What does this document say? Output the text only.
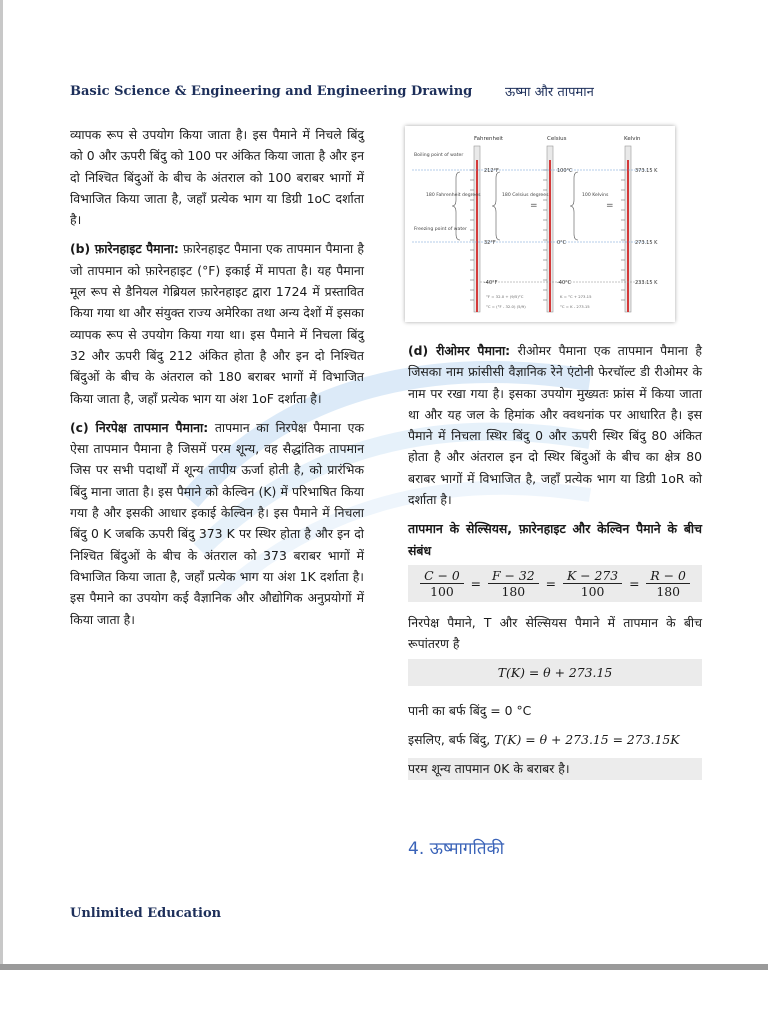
Basic Science & Engineering and Engineering Drawing	ऊष्मा और तापमान

व्यापक रूप से उपयोग किया जाता है। इस पैमाने में निचले बिंदु को 0 और ऊपरी बिंदु को 100 पर अंकित किया जाता है और इन दो निश्चित बिंदुओं के बीच के अंतराल को 100 बराबर भागों में विभाजित किया जाता है, जहाँ प्रत्येक भाग या डिग्री 1oC दर्शाता है।

(b) फ़ारेनहाइट पैमाना: फ़ारेनहाइट पैमाना एक तापमान पैमाना है जो तापमान को फ़ारेनहाइट (°F) इकाई में मापता है। यह पैमाना मूल रूप से डैनियल गेब्रियल फ़ारेनहाइट द्वारा 1724 में प्रस्तावित किया गया था और संयुक्त राज्य अमेरिका तथा अन्य देशों में इसका व्यापक रूप से उपयोग किया गया था। इस पैमाने में निचला बिंदु 32 और ऊपरी बिंदु 212 अंकित होता है और इन दो निश्चित बिंदुओं के बीच के अंतराल को 180 बराबर भागों में विभाजित किया जाता है, जहाँ प्रत्येक भाग या अंश 1oF दर्शाता है।

(c) निरपेक्ष तापमान पैमाना: तापमान का निरपेक्ष पैमाना एक ऐसा तापमान पैमाना है जिसमें परम शून्य, वह सैद्धांतिक तापमान जिस पर सभी पदार्थों में शून्य तापीय ऊर्जा होती है, को प्रारंभिक बिंदु माना जाता है। इस पैमाने को केल्विन (K) में परिभाषित किया गया है और इसकी आधार इकाई केल्विन है। इस पैमाने में निचला बिंदु 0 K जबकि ऊपरी बिंदु 373 K पर स्थिर होता है और इन दो निश्चित बिंदुओं के बीच के अंतराल को 373 बराबर भागों में विभाजित किया जाता है, जहाँ प्रत्येक भाग या अंश 1K दर्शाता है। इस पैमाने का उपयोग कई वैज्ञानिक और औद्योगिक अनुप्रयोगों में किया जाता है।

Fahrenheit	Celsius	Kelvin
Boiling point of water
Freezing point of water
180 Fahrenheit degrees	180 Celsius degrees	100 Kelvins
=	=
212°F
32°F
-40°F
100°C
0°C
-40°C
373.15 K
273.15 K
233.15 K
°F = 32.0 + (9/5)°C
°C = (°F - 32.0) (5/9)
K = °C + 273.15
°C = K - 273.15

(d) रीओमर पैमाना: रीओमर पैमाना एक तापमान पैमाना है जिसका नाम फ्रांसीसी वैज्ञानिक रेने एंटोनी फेरचॉल्ट डी रीओमर के नाम पर रखा गया है। इसका उपयोग मुख्यतः फ्रांस में किया जाता था और यह जल के हिमांक और क्वथनांक पर आधारित है। इस पैमाने में निचला स्थिर बिंदु 0 और ऊपरी स्थिर बिंदु 80 अंकित होता है और अंतराल इन दो स्थिर बिंदुओं के बीच का क्षेत्र 80 बराबर भागों में विभाजित है, जहाँ प्रत्येक भाग या डिग्री 1oR को दर्शाता है।

तापमान के सेल्सियस, फ़ारेनहाइट और केल्विन पैमाने के बीच संबंध

$\frac{C - 0}{100} = \frac{F - 32}{180} = \frac{K - 273}{100} = \frac{R - 0}{180}$

निरपेक्ष पैमाने, T और सेल्सियस पैमाने में तापमान के बीच रूपांतरण है

T(K) = θ + 273.15

पानी का बर्फ बिंदु = 0 °C

इसलिए, बर्फ बिंदु, T(K) = θ + 273.15 = 273.15K

परम शून्य तापमान 0K के बराबर है।

4. ऊष्मागतिकी
Unlimited Education
